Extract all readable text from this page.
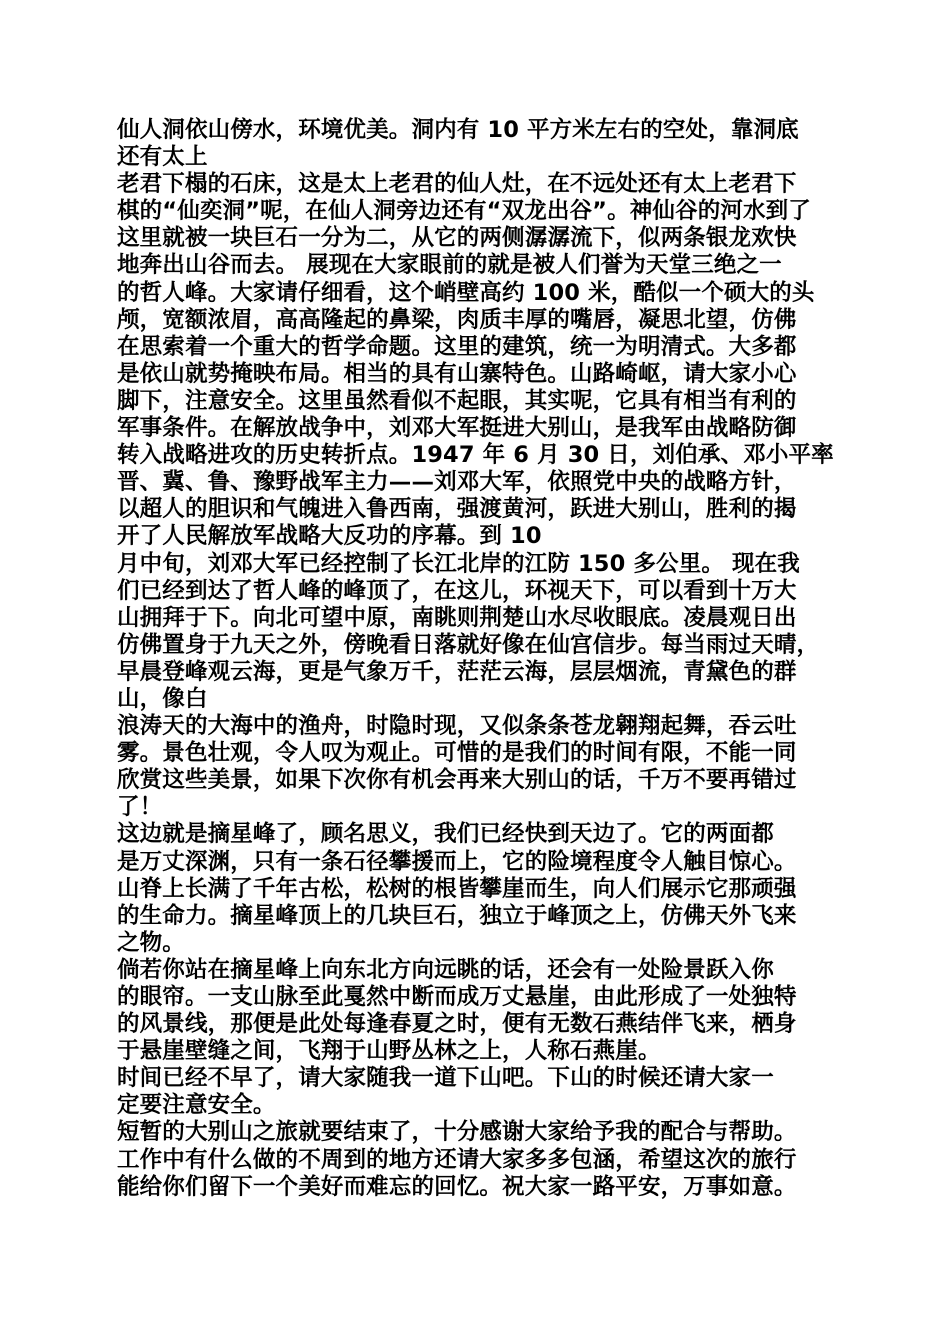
仙人洞依山傍水，环境优美。洞内有 10 平方米左右的空处，靠洞底
还有太上
老君下榻的石床，这是太上老君的仙人灶，在不远处还有太上老君下
棋的“仙奕洞”呢，在仙人洞旁边还有“双龙出谷”。神仙谷的河水到了
这里就被一块巨石一分为二，从它的两侧潺潺流下，似两条银龙欢快
地奔出山谷而去。 展现在大家眼前的就是被人们誉为天堂三绝之一
的哲人峰。大家请仔细看，这个峭壁高约 100 米，酷似一个硕大的头
颅，宽额浓眉，高高隆起的鼻梁，肉质丰厚的嘴唇，凝思北望，仿佛
在思索着一个重大的哲学命题。这里的建筑，统一为明清式。大多都
是依山就势掩映布局。相当的具有山寨特色。山路崎岖，请大家小心
脚下，注意安全。这里虽然看似不起眼，其实呢，它具有相当有利的
军事条件。在解放战争中，刘邓大军挺进大别山，是我军由战略防御
转入战略进攻的历史转折点。1947 年 6 月 30 日，刘伯承、邓小平率
晋、冀、鲁、豫野战军主力——刘邓大军，依照党中央的战略方针，
以超人的胆识和气魄进入鲁西南，强渡黄河，跃进大别山，胜利的揭
开了人民解放军战略大反功的序幕。到 10
月中旬，刘邓大军已经控制了长江北岸的江防 150 多公里。 现在我
们已经到达了哲人峰的峰顶了，在这儿，环视天下，可以看到十万大
山拥拜于下。向北可望中原，南眺则荆楚山水尽收眼底。凌晨观日出
仿佛置身于九天之外，傍晚看日落就好像在仙宫信步。每当雨过天晴，
早晨登峰观云海，更是气象万千，茫茫云海，层层烟流，青黛色的群
山，像白
浪涛天的大海中的渔舟，时隐时现，又似条条苍龙翱翔起舞，吞云吐
雾。景色壮观，令人叹为观止。可惜的是我们的时间有限，不能一同
欣赏这些美景，如果下次你有机会再来大别山的话，千万不要再错过
了！
这边就是摘星峰了，顾名思义，我们已经快到天边了。它的两面都
是万丈深渊，只有一条石径攀援而上，它的险境程度令人触目惊心。
山脊上长满了千年古松，松树的根皆攀崖而生，向人们展示它那顽强
的生命力。摘星峰顶上的几块巨石，独立于峰顶之上，仿佛天外飞来
之物。
倘若你站在摘星峰上向东北方向远眺的话，还会有一处险景跃入你
的眼帘。一支山脉至此戛然中断而成万丈悬崖，由此形成了一处独特
的风景线，那便是此处每逢春夏之时，便有无数石燕结伴飞来，栖身
于悬崖壁缝之间，飞翔于山野丛林之上，人称石燕崖。
时间已经不早了，请大家随我一道下山吧。下山的时候还请大家一
定要注意安全。
短暂的大别山之旅就要结束了，十分感谢大家给予我的配合与帮助。
工作中有什么做的不周到的地方还请大家多多包涵，希望这次的旅行
能给你们留下一个美好而难忘的回忆。祝大家一路平安，万事如意。
